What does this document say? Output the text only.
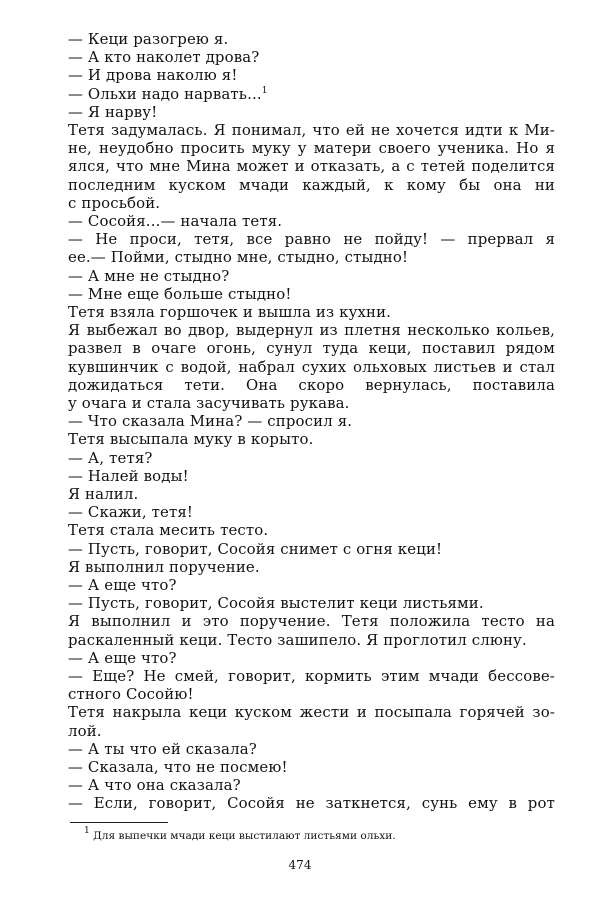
— Кеци разогрею я.
— А кто наколет дрова?
— И дрова наколю я!
— Ольхи надо нарвать...$^1$
— Я нарву!
Тетя задумалась. Я понимал, что ей не хочется идти к Ми-
не, неудобно просить муку у матери своего ученика. Но я
ялся, что мне Мина может и отказать, а с тетей поделится
последним куском мчади каждый, к кому бы она ни
с просьбой.
— Сосойя...— начала тетя.
— Не проси, тетя, все равно не пойду! — прервал я
ее.— Пойми, стыдно мне, стыдно, стыдно!
— А мне не стыдно?
— Мне еще больше стыдно!
Тетя взяла горшочек и вышла из кухни.
Я выбежал во двор, выдернул из плетня несколько кольев,
развел в очаге огонь, сунул туда кеци, поставил рядом
кувшинчик с водой, набрал сухих ольховых листьев и стал
дожидаться тети. Она скоро вернулась, поставила
у очага и стала засучивать рукава.
— Что сказала Мина? — спросил я.
Тетя высыпала муку в корыто.
— А, тетя?
— Налей воды!
Я налил.
— Скажи, тетя!
Тетя стала месить тесто.
— Пусть, говорит, Сосойя снимет с огня кеци!
Я выполнил поручение.
— А еще что?
— Пусть, говорит, Сосойя выстелит кеци листьями.
Я выполнил и это поручение. Тетя положила тесто на
раскаленный кеци. Тесто зашипело. Я проглотил слюну.
— А еще что?
— Еще? Не смей, говорит, кормить этим мчади бессове-
стного Сосойю!
Тетя накрыла кеци куском жести и посыпала горячей зо-
лой.
— А ты что ей сказала?
— Сказала, что не посмею!
— А что она сказала?
— Если, говорит, Сосойя не заткнется, сунь ему в рот
$^1$ Для выпечки мчади кеци выстилают листьями ольхи.
474
